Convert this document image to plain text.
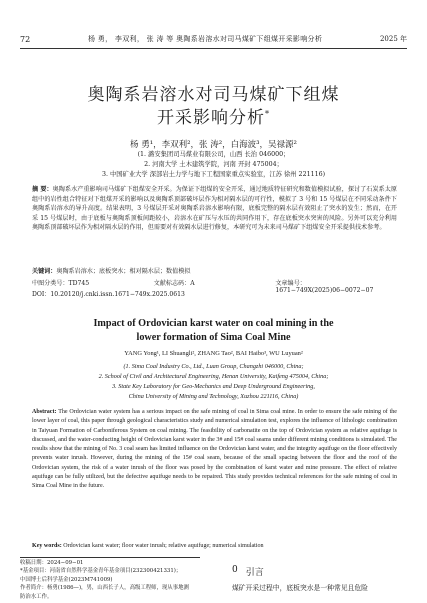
72	杨 勇， 李双利， 张 涛 等 奥陶系岩溶水对司马煤矿下组煤开采影响分析	2025 年
奥陶系岩溶水对司马煤矿下组煤
开采影响分析*
杨 勇¹，李双利²，张 涛²，白海波³，吴禄源²
(1. 潞安集团司马煤业有限公司，山西 长治 046000；
2. 河南大学 土木建筑学院，河南 开封 475004；
3. 中国矿业大学 深部岩土力学与地下工程国家重点实验室，江苏 徐州 221116)
摘 要：奥陶系水产重影响司马煤矿下组煤安全开采。为保证下组煤的安全开采，通过地质特征研究和数值模拟试验，探讨了石炭系太原组中的岩性组合特征对下组煤开采的影响以及奥陶系顶部破坏层作为相对隔水层的可行性，模拟了 3 号和 15 号煤层在不同采动条件下奥陶系岩溶水的导升高度。结果表明，3 号煤层开采对奥陶系岩溶水影响有限，底板完整的隔水层有效阻止了突水的发生；然而，在开采 15 号煤层时，由于底板与奥陶系顶板间距较小，岩溶水在矿压与水压的共同作用下，存在底板突水突害的风险。另外可以充分利用奥陶系顶部破坏层作为相对隔水层的作用，但需要对有效隔水层进行修复，本研究可为未来司马煤矿下组煤安全开采提供技术参考。
关键词：奥陶系岩溶水；底板突水；相对隔水层；数值模拟
中图分类号：TD745	文献标志码：A	文章编号：1671−749X(2025)06−0072−07
DOI：10.20120/j.cnki.issn.1671−749x.2025.0613
Impact of Ordovician karst water on coal mining in the
lower formation of Sima Coal Mine
YANG Yong¹, LI Shuangli², ZHANG Tao², BAI Haibo³, WU Luyuan²
(1. Sima Coal Industry Co., Ltd., Luan Group, Changzhi 046000, China;
2. School of Civil and Architectural Engineering, Henan University, Kaifeng 475004, China;
3. State Key Laboratory for Geo-Mechanics and Deep Underground Engineering,
China University of Mining and Technology, Xuzhou 221116, China)
Abstract: The Ordovician water system has a serious impact on the safe mining of coal in Sima coal mine. In order to ensure the safe mining of the lower layer of coal, this paper through geological characteristics study and numerical simulation test, explores the influence of lithologic combination in Taiyuan Formation of Carboniferous System on coal mining. The feasibility of carbonatite on the top of Ordovician system as relative aquifuge is discussed, and the water-conducting height of Ordovician karst water in the 3# and 15# coal seams under different mining conditions is simulated. The results show that the mining of No. 3 coal seam has limited influence on the Ordovician karst water, and the integrity aquifuge on the floor effectively prevents water inrush. However, during the mining of the 15# coal seam, because of the small spacing between the floor and the roof of the Ordovician system, the risk of a water inrush of the floor was posed by the combination of karst water and mine pressure. The effect of relative aquifuge can be fully utilized, but the defective aquifuge needs to be repaired. This study provides technical references for the safe mining of coal in Sima Coal Mine in the future.
Key words: Ordovician karst water; floor water inrush; relative aquifuge; numerical simulation
收稿日期：2024−09−01
*基金项目：河南省自然科学基金青年基金项目(232300421331)；
中国博士后科学基金(2023M741009)
作者简介：杨勇(1986—)，男，山西长子人，高级工程师，现从事地测
防治水工作。
0 引言
煤矿开采过程中，底板突水是一种常见且危险
